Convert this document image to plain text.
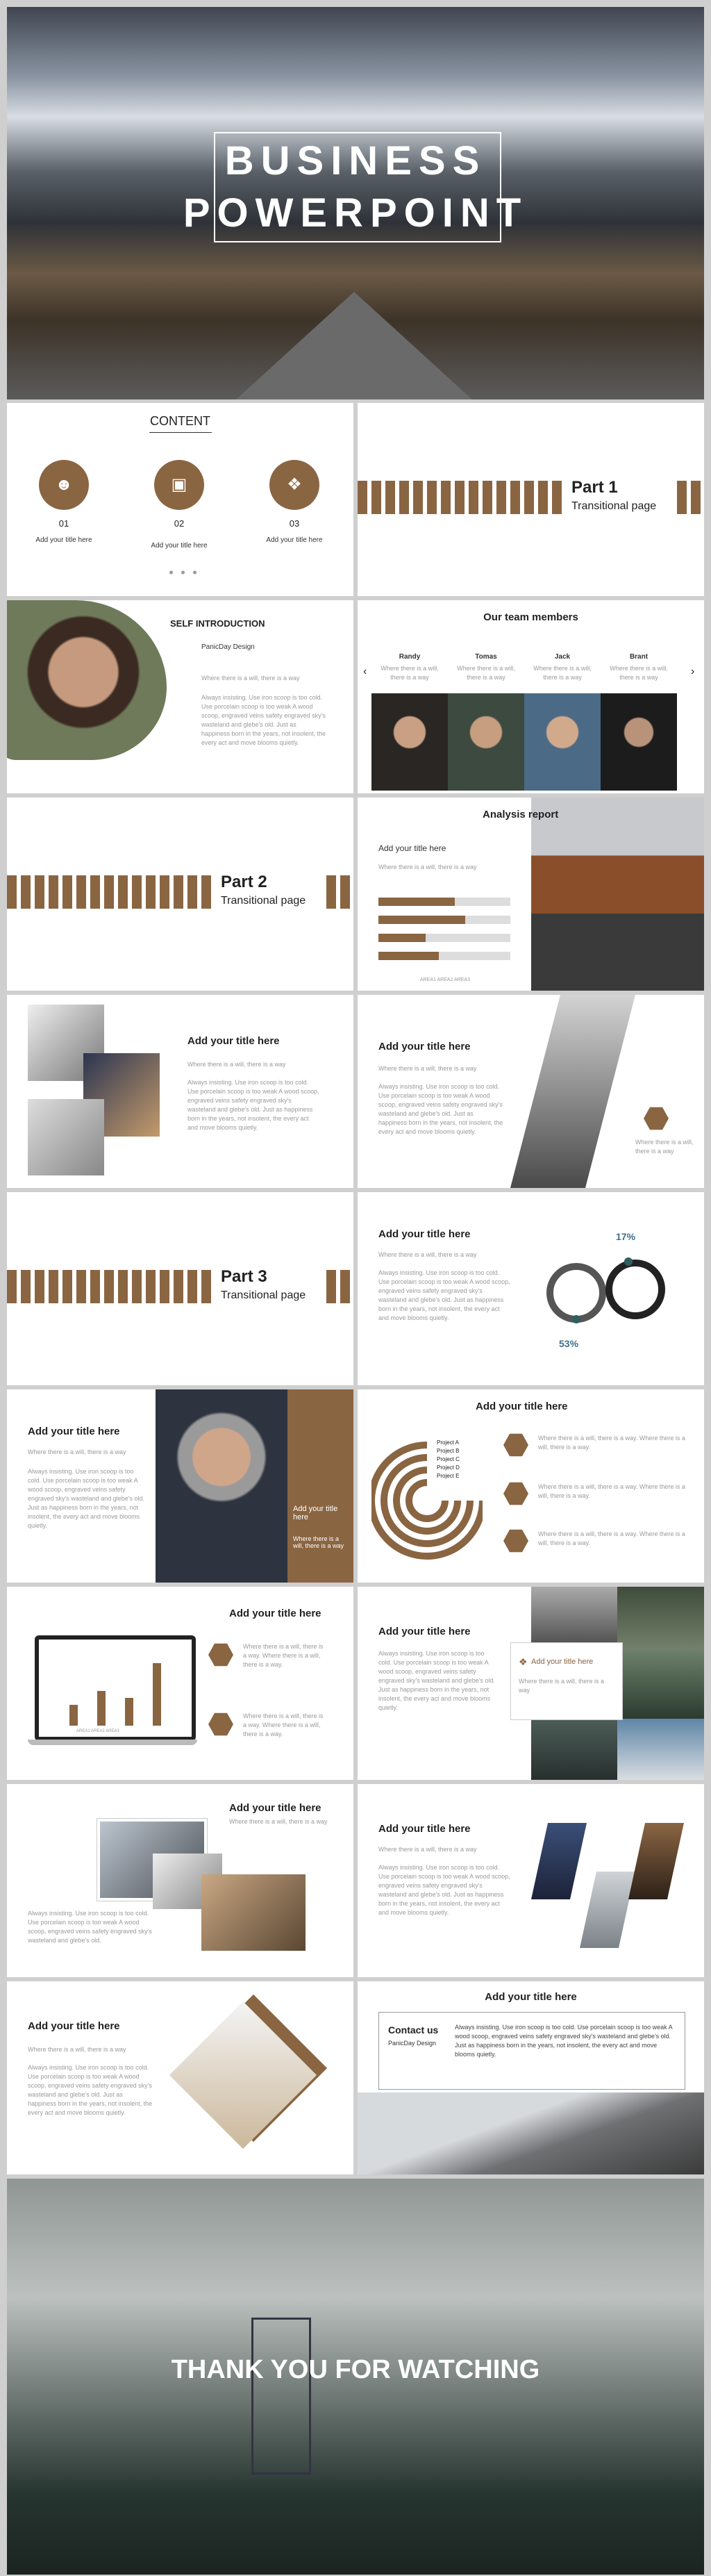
BUSINESS
POWERPOINT
CONTENT
☻	▣	❖
01	02	03
Add your title here
Add your title here
Add your title here
Part 1
Transitional page
SELF INTRODUCTION
PanicDay Design
Where there is a will, there is a way
Always insisting. Use iron scoop is too cold. Use porcelain scoop is too weak A wood scoop, engraved veins safety engraved sky's wasteland and glebe's old. Just as happiness born in the years, not insolent, the every act and move blooms quietly.
Our team members
‹	›
Randy	Tomas	Jack	Brant
Where there is a will, there is a way
Where there is a will, there is a way
Where there is a will, there is a way
Where there is a will, there is a way
Part 2
Transitional page
Analysis report
Add your title here
Where there is a will, there is a way
AREA1 AREA2 AREA3
Add your title here
Where there is a will, there is a way
Always insisting. Use iron scoop is too cold. Use porcelain scoop is too weak A wood scoop, engraved veins safety engraved sky's wasteland and glebe's old. Just as happiness born in the years, not insolent, the every act and move blooms quietly.
Add your title here
Where there is a will, there is a way
Always insisting. Use iron scoop is too cold. Use porcelain scoop is too weak A wood scoop, engraved veins safety engraved sky's wasteland and glebe's old. Just as happiness born in the years, not insolent, the every act and move blooms quietly.
Where there is a will, there is a way
Part 3
Transitional page
Add your title here
Where there is a will, there is a way
Always insisting. Use iron scoop is too cold. Use porcelain scoop is too weak A wood scoop, engraved veins safety engraved sky's wasteland and glebe's old. Just as happiness born in the years, not insolent, the every act and move blooms quietly.
17%
53%
Add your title here
Where there is a will, there is a way
Always insisting. Use iron scoop is too cold. Use porcelain scoop is too weak A wood scoop, engraved veins safety engraved sky's wasteland and glebe's old. Just as happiness born in the years, not insolent, the every act and move blooms quietly.
Add your title here
Where there is a will, there is a way
Add your title here
Project A
Project B
Project C
Project D
Project E
Where there is a will, there is a way. Where there is a will, there is a way.
Where there is a will, there is a way. Where there is a will, there is a way.
Where there is a will, there is a way. Where there is a will, there is a way.
Add your title here
AREA1 AREA2 AREA3
Where there is a will, there is a way. Where there is a will, there is a way.
Where there is a will, there is a way. Where there is a will, there is a way.
Add your title here
Always insisting. Use iron scoop is too cold. Use porcelain scoop is too weak A wood scoop, engraved veins safety engraved sky's wasteland and glebe's old. Just as happiness born in the years, not insolent, the every act and move blooms quietly.
❖ Add your title here
Where there is a will, there is a way
Add your title here
Where there is a will, there is a way
Always insisting. Use iron scoop is too cold. Use porcelain scoop is too weak A wood scoop, engraved veins safety engraved sky's wasteland and glebe's old.
Add your title here
Where there is a will, there is a way
Always insisting. Use iron scoop is too cold. Use porcelain scoop is too weak A wood scoop, engraved veins safety engraved sky's wasteland and glebe's old. Just as happiness born in the years, not insolent, the every act and move blooms quietly.
Add your title here
Where there is a will, there is a way
Always insisting. Use iron scoop is too cold. Use porcelain scoop is too weak A wood scoop, engraved veins safety engraved sky's wasteland and glebe's old. Just as happiness born in the years, not insolent, the every act and move blooms quietly.
Add your title here
Contact us
PanicDay Design
Always insisting. Use iron scoop is too cold. Use porcelain scoop is too weak A wood scoop, engraved veins safety engraved sky's wasteland and glebe's old. Just as happiness born in the years, not insolent, the every act and move blooms quietly.
THANK YOU FOR WATCHING
